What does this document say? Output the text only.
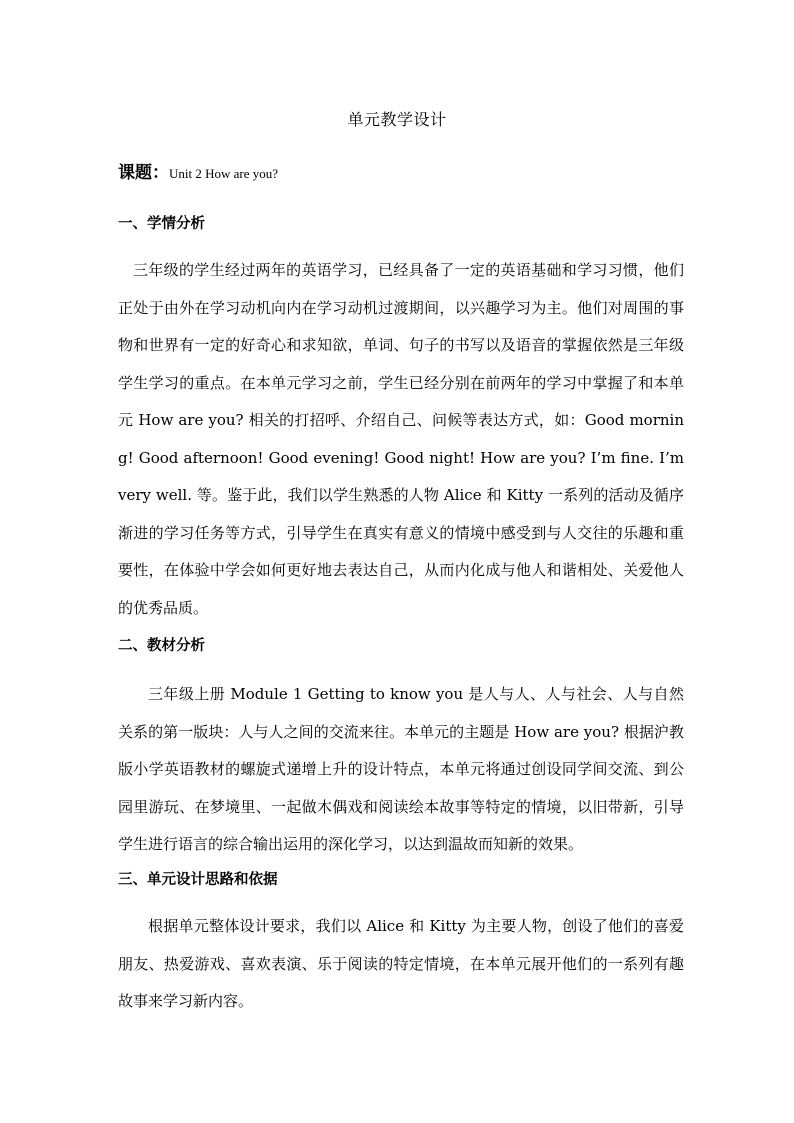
单元教学设计
课题：Unit 2 How are you?
一、学情分析
三年级的学生经过两年的英语学习，已经具备了一定的英语基础和学习习惯，他们正处于由外在学习动机向内在学习动机过渡期间，以兴趣学习为主。他们对周围的事物和世界有一定的好奇心和求知欲，单词、句子的书写以及语音的掌握依然是三年级学生学习的重点。在本单元学习之前，学生已经分别在前两年的学习中掌握了和本单元 How are you? 相关的打招呼、介绍自己、问候等表达方式，如：Good morning! Good afternoon! Good evening! Good night! How are you? I’m fine. I’m very well. 等。鉴于此，我们以学生熟悉的人物 Alice 和 Kitty 一系列的活动及循序渐进的学习任务等方式，引导学生在真实有意义的情境中感受到与人交往的乐趣和重要性，在体验中学会如何更好地去表达自己，从而内化成与他人和谐相处、关爱他人的优秀品质。
二、教材分析
三年级上册 Module 1 Getting to know you 是人与人、人与社会、人与自然关系的第一版块：人与人之间的交流来往。本单元的主题是 How are you? 根据沪教版小学英语教材的螺旋式递增上升的设计特点，本单元将通过创设同学间交流、到公园里游玩、在梦境里、一起做木偶戏和阅读绘本故事等特定的情境，以旧带新，引导学生进行语言的综合输出运用的深化学习，以达到温故而知新的效果。
三、单元设计思路和依据
根据单元整体设计要求，我们以 Alice 和 Kitty 为主要人物，创设了他们的喜爱朋友、热爱游戏、喜欢表演、乐于阅读的特定情境，在本单元展开他们的一系列有趣故事来学习新内容。
